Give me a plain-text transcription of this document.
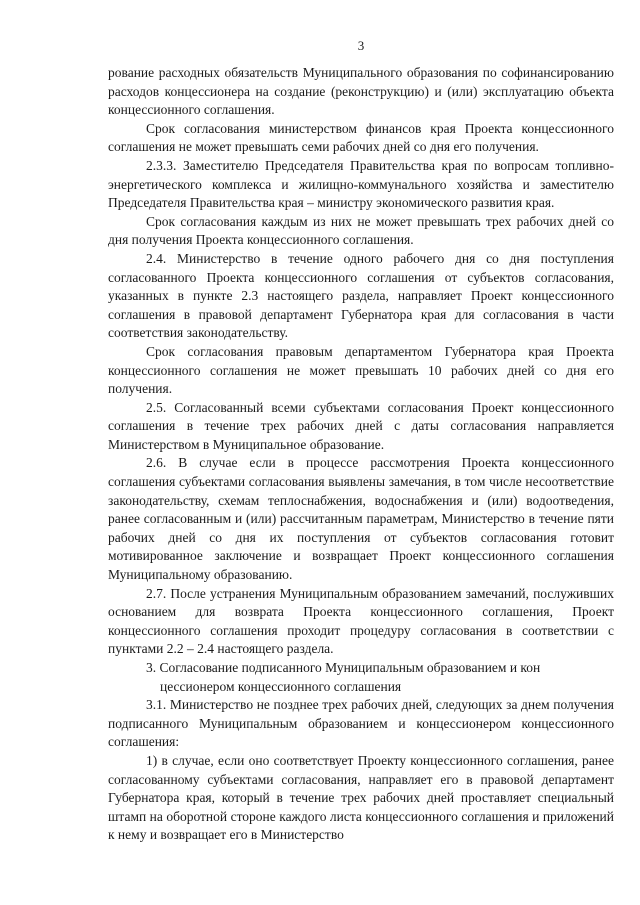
3

рование расходных обязательств Муниципального образования по софинансированию расходов концессионера на создание (реконструкцию) и (или) эксплуатацию объекта концессионного соглашения.

Срок согласования министерством финансов края Проекта концессионного соглашения не может превышать семи рабочих дней со дня его получения.

2.3.3. Заместителю Председателя Правительства края по вопросам топливно-энергетического комплекса и жилищно-коммунального хозяйства и заместителю Председателя Правительства края – министру экономического развития края.

Срок согласования каждым из них не может превышать трех рабочих дней со дня получения Проекта концессионного соглашения.

2.4. Министерство в течение одного рабочего дня со дня поступления согласованного Проекта концессионного соглашения от субъектов согласования, указанных в пункте 2.3 настоящего раздела, направляет Проект концессионного соглашения в правовой департамент Губернатора края для согласования в части соответствия законодательству.

Срок согласования правовым департаментом Губернатора края Проекта концессионного соглашения не может превышать 10 рабочих дней со дня его получения.

2.5. Согласованный всеми субъектами согласования Проект концессионного соглашения в течение трех рабочих дней с даты согласования направляется Министерством в Муниципальное образование.

2.6. В случае если в процессе рассмотрения Проекта концессионного соглашения субъектами согласования выявлены замечания, в том числе несоответствие законодательству, схемам теплоснабжения, водоснабжения и (или) водоотведения, ранее согласованным и (или) рассчитанным параметрам, Министерство в течение пяти рабочих дней со дня их поступления от субъектов согласования готовит мотивированное заключение и возвращает Проект концессионного соглашения Муниципальному образованию.

2.7. После устранения Муниципальным образованием замечаний, послуживших основанием для возврата Проекта концессионного соглашения, Проект концессионного соглашения проходит процедуру согласования в соответствии с пунктами 2.2 – 2.4 настоящего раздела.

3. Согласование подписанного Муниципальным образованием и кон
цессионером концессионного соглашения

3.1. Министерство не позднее трех рабочих дней, следующих за днем получения подписанного Муниципальным образованием и концессионером концессионного соглашения:

1) в случае, если оно соответствует Проекту концессионного соглашения, ранее согласованному субъектами согласования, направляет его в правовой департамент Губернатора края, который в течение трех рабочих дней проставляет специальный штамп на оборотной стороне каждого листа концессионного соглашения и приложений к нему и возвращает его в Министерство
